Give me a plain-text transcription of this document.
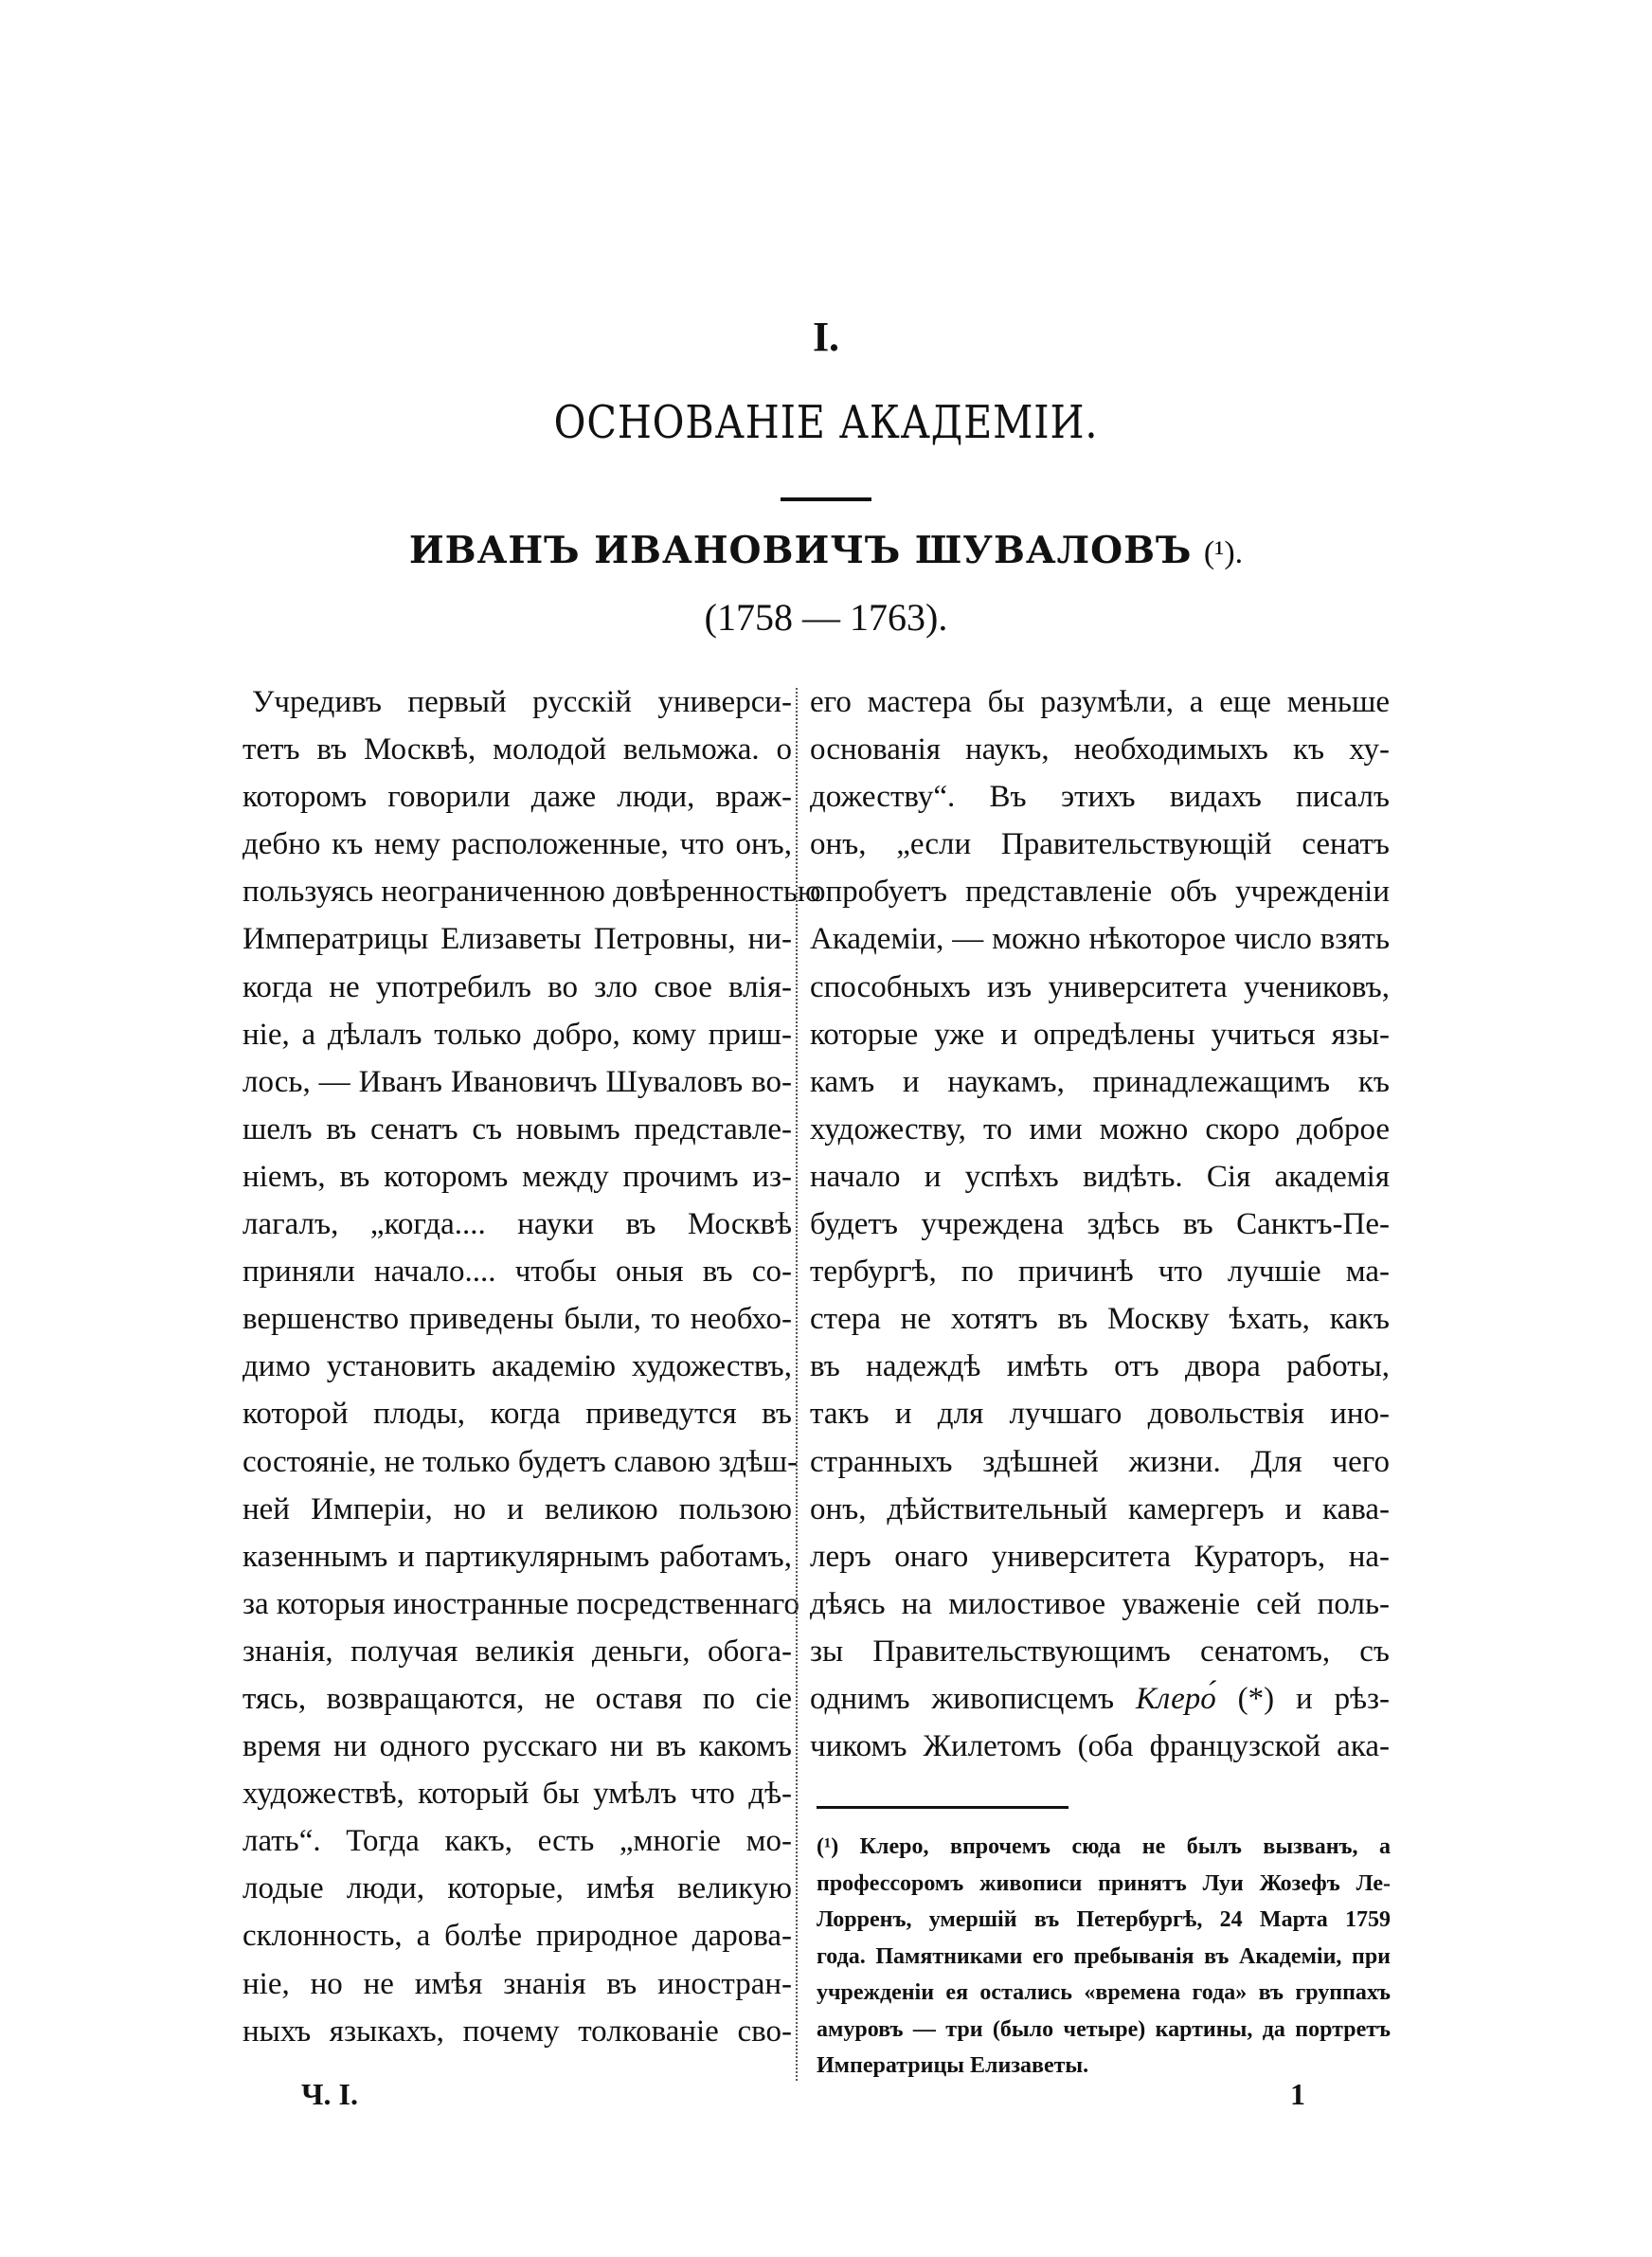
I.
ОСНОВАНІЕ АКАДЕМІИ.

ИВАНЪ ИВАНОВИЧЪ ШУВАЛОВЪ (¹).

(1758 — 1763).

Учредивъ первый русскій универси-
тетъ въ Москвѣ, молодой вельможа. о
которомъ говорили даже люди, враж-
дебно къ нему расположенные, что онъ,
пользуясь неограниченною довѣренностью
Императрицы Елизаветы Петровны, ни-
когда не употребилъ во зло свое влія-
ніе, а дѣлалъ только добро, кому приш-
лось, — Иванъ Ивановичъ Шуваловъ во-
шелъ въ сенатъ съ новымъ представле-
ніемъ, въ которомъ между прочимъ из-
лагалъ, „когда.... науки въ Москвѣ
приняли начало.... чтобы оныя въ со-
вершенство приведены были, то необхо-
димо установить академію художествъ,
которой плоды, когда приведутся въ
состояніе, не только будетъ славою здѣш-
ней Имперіи, но и великою пользою
казеннымъ и партикулярнымъ работамъ,
за которыя иностранные посредственнаго
знанія, получая великія деньги, обога-
тясь, возвращаются, не оставя по сіе
время ни одного русскаго ни въ какомъ
художествѣ, который бы умѣлъ что дѣ-
лать“. Тогда какъ, есть „многіе мо-
лодые люди, которые, имѣя великую
склонность, а болѣе природное дарова-
ніе, но не имѣя знанія въ иностран-
ныхъ языкахъ, почему толкованіе сво-
его мастера бы разумѣли, а еще меньше
основанія наукъ, необходимыхъ къ ху-
дожеству“. Въ этихъ видахъ писалъ
онъ, „если Правительствующій сенатъ
опробуетъ представленіе объ учрежденіи
Академіи, — можно нѣкоторое число взять
способныхъ изъ университета учениковъ,
которые уже и опредѣлены учиться язы-
камъ и наукамъ, принадлежащимъ къ
художеству, то ими можно скоро доброе
начало и успѣхъ видѣть. Сія академія
будетъ учреждена здѣсь въ Санктъ-Пе-
тербургѣ, по причинѣ что лучшіе ма-
стера не хотятъ въ Москву ѣхать, какъ
въ надеждѣ имѣть отъ двора работы,
такъ и для лучшаго довольствія ино-
странныхъ здѣшней жизни. Для чего
онъ, дѣйствительный камергеръ и кава-
леръ онаго университета Кураторъ, на-
дѣясь на милостивое уваженіе сей поль-
зы Правительствующимъ сенатомъ, съ
однимъ живописцемъ Клеро́ (*) и рѣз-
чикомъ Жилетомъ (оба французской ака-
(¹) Клеро, впрочемъ сюда не былъ вызванъ, а
профессоромъ живописи принятъ Луи Жозефъ Ле-
Лорренъ, умершій въ Петербургѣ, 24 Марта 1759
года. Памятниками его пребыванія въ Академіи, при
учрежденіи ея остались «времена года» въ группахъ
амуровъ — три (было четыре) картины, да портретъ
Императрицы Елизаветы.
Ч. I.	1
